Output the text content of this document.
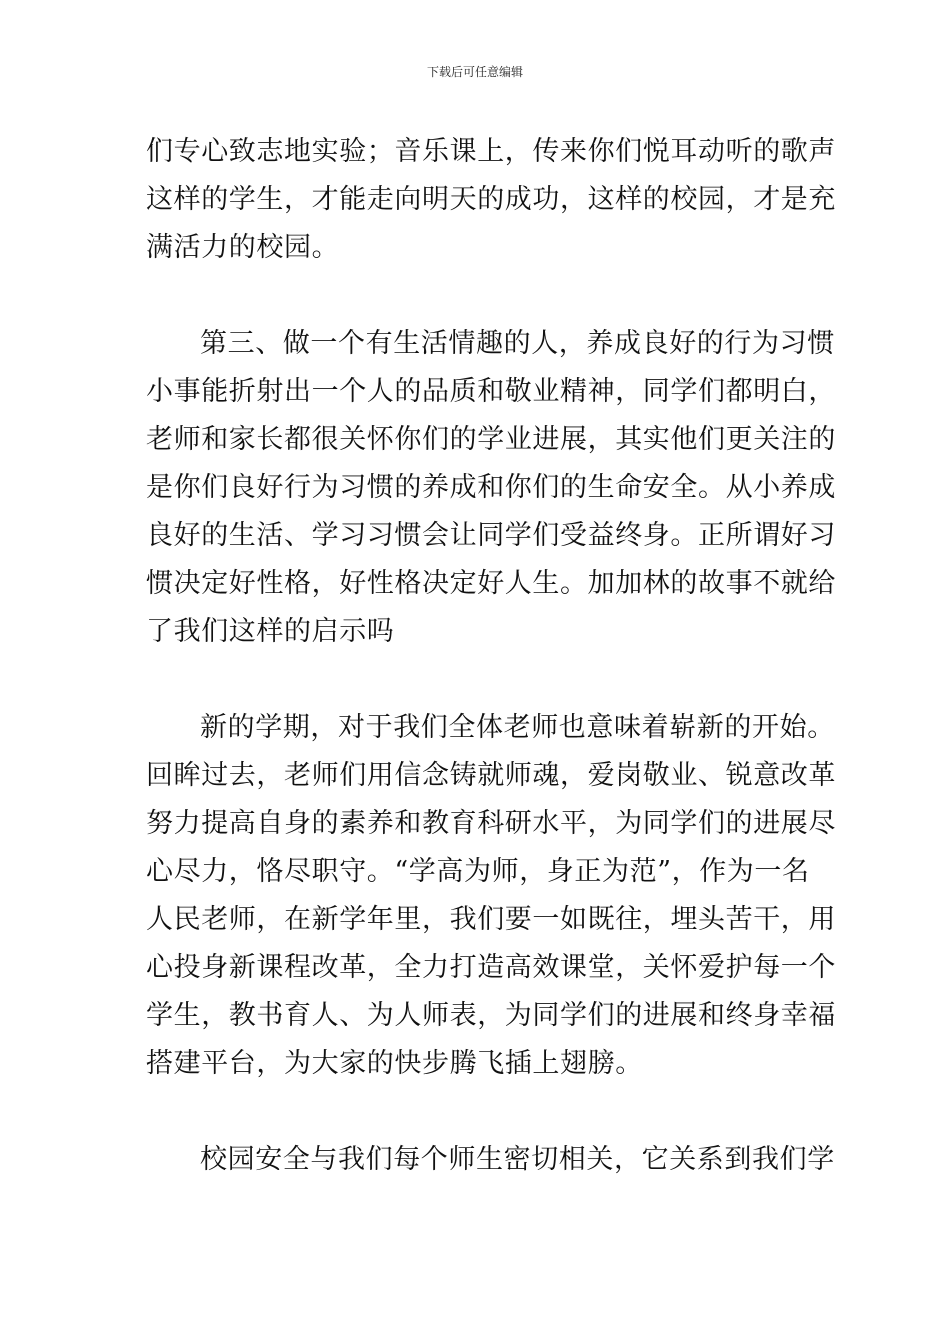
下载后可任意编辑
们专心致志地实验；音乐课上，传来你们悦耳动听的歌声
这样的学生，才能走向明天的成功，这样的校园，才是充
满活力的校园。
第三、做一个有生活情趣的人，养成良好的行为习惯
小事能折射出一个人的品质和敬业精神，同学们都明白，
老师和家长都很关怀你们的学业进展，其实他们更关注的
是你们良好行为习惯的养成和你们的生命安全。从小养成
良好的生活、学习习惯会让同学们受益终身。正所谓好习
惯决定好性格，好性格决定好人生。加加林的故事不就给
了我们这样的启示吗
新的学期，对于我们全体老师也意味着崭新的开始。
回眸过去，老师们用信念铸就师魂，爱岗敬业、锐意改革
努力提高自身的素养和教育科研水平，为同学们的进展尽
心尽力，恪尽职守。“学高为师，身正为范”，作为一名
人民老师，在新学年里，我们要一如既往，埋头苦干，用
心投身新课程改革，全力打造高效课堂，关怀爱护每一个
学生，教书育人、为人师表，为同学们的进展和终身幸福
搭建平台，为大家的快步腾飞插上翅膀。
校园安全与我们每个师生密切相关，它关系到我们学
